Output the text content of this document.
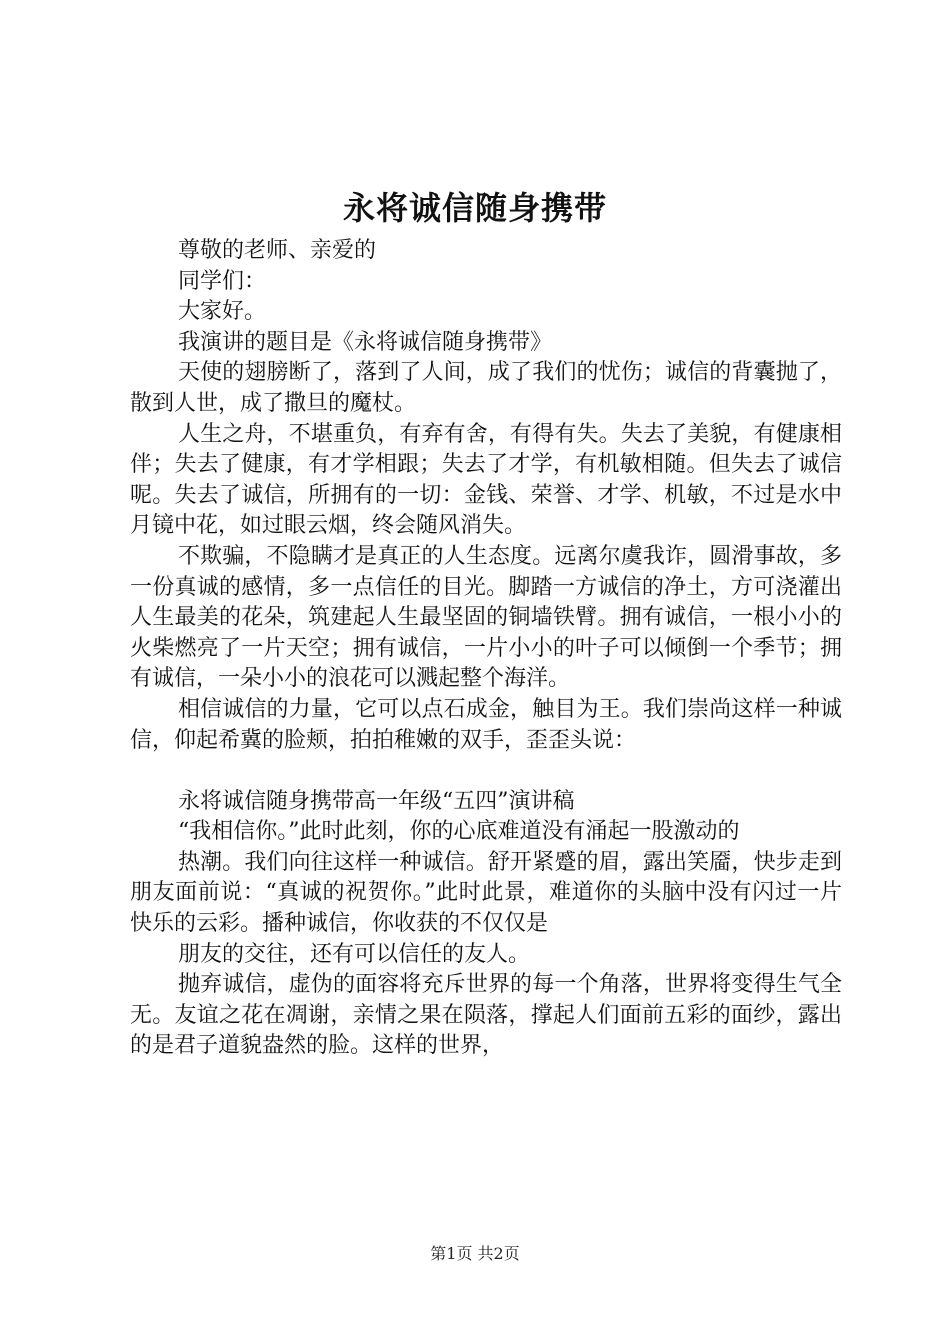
永将诚信随身携带

尊敬的老师、亲爱的

同学们：

大家好。

我演讲的题目是《永将诚信随身携带》

天使的翅膀断了，落到了人间，成了我们的忧伤；诚信的背囊抛了，散到人世，成了撒旦的魔杖。

人生之舟，不堪重负，有弃有舍，有得有失。失去了美貌，有健康相伴；失去了健康，有才学相跟；失去了才学，有机敏相随。但失去了诚信呢。失去了诚信，所拥有的一切：金钱、荣誉、才学、机敏，不过是水中月镜中花，如过眼云烟，终会随风消失。

不欺骗，不隐瞒才是真正的人生态度。远离尔虞我诈，圆滑事故，多一份真诚的感情，多一点信任的目光。脚踏一方诚信的净土，方可浇灌出人生最美的花朵，筑建起人生最坚固的铜墙铁臂。拥有诚信，一根小小的火柴燃亮了一片天空；拥有诚信，一片小小的叶子可以倾倒一个季节；拥有诚信，一朵小小的浪花可以溅起整个海洋。

相信诚信的力量，它可以点石成金，触目为王。我们崇尚这样一种诚信，仰起希冀的脸颊，拍拍稚嫩的双手，歪歪头说：

永将诚信随身携带高一年级“五四”演讲稿

“我相信你。”此时此刻，你的心底难道没有涌起一股激动的

热潮。我们向往这样一种诚信。舒开紧蹙的眉，露出笑靥，快步走到朋友面前说：“真诚的祝贺你。”此时此景，难道你的头脑中没有闪过一片快乐的云彩。播种诚信，你收获的不仅仅是

朋友的交往，还有可以信任的友人。

抛弃诚信，虚伪的面容将充斥世界的每一个角落，世界将变得生气全无。友谊之花在凋谢，亲情之果在陨落，撑起人们面前五彩的面纱，露出的是君子道貌盎然的脸。这样的世界，

第1页 共2页
